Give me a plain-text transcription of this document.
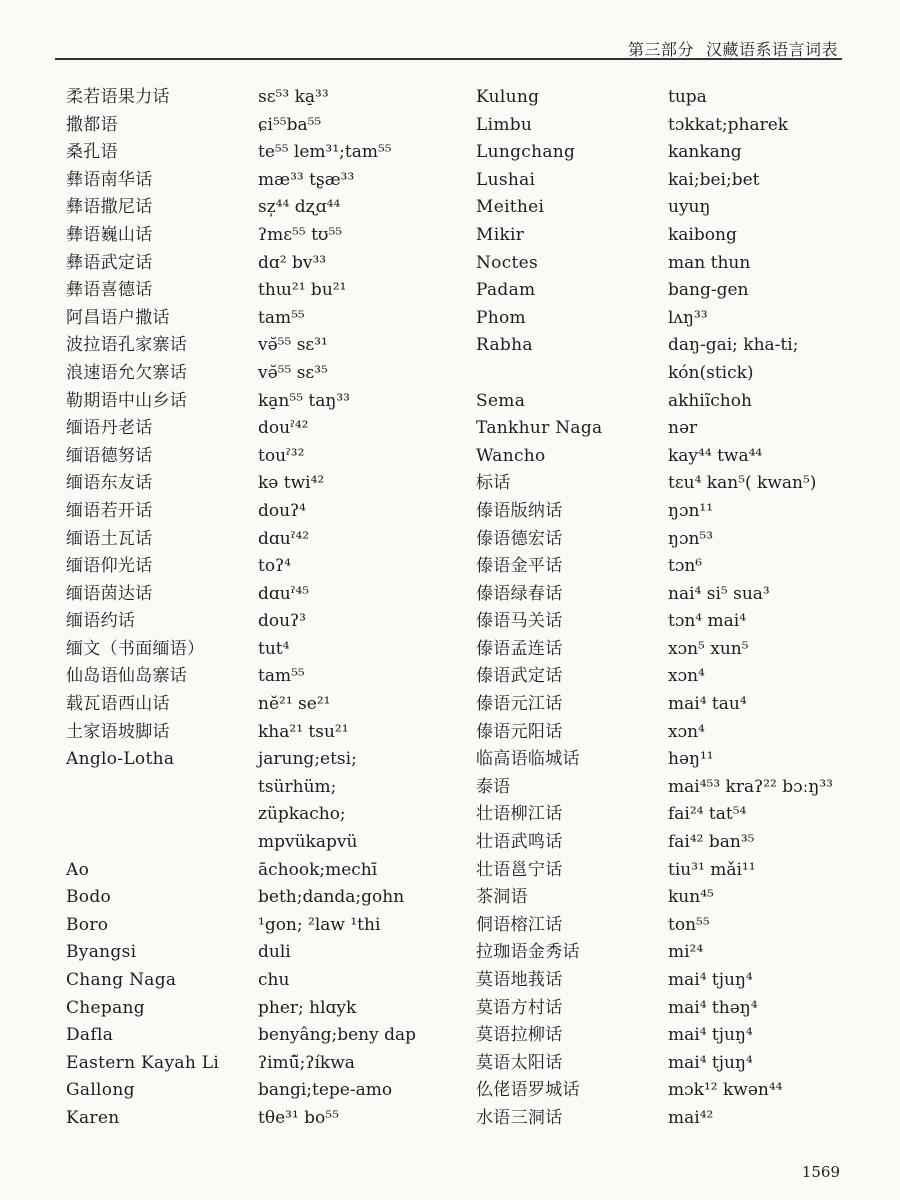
第三部分 汉藏语系语言词表
柔若语果力话
撒都语
桑孔语
彝语南华话
彝语撒尼话
彝语巍山话
彝语武定话
彝语喜德话
阿昌语户撒话
波拉语孔家寨话
浪速语允欠寨话
勒期语中山乡话
缅语丹老话
缅语德努话
缅语东友话
缅语若开话
缅语土瓦话
缅语仰光话
缅语茵达话
缅语约话
缅文（书面缅语）
仙岛语仙岛寨话
载瓦语西山话
土家语坡脚话
Anglo-Lotha
Ao
Bodo
Boro
Byangsi
Chang Naga
Chepang
Dafla
Eastern Kayah Li
Gallong
Karen
sɛ⁵³ ka̠³³
ɕi⁵⁵ba⁵⁵
te⁵⁵ lem³¹;tam⁵⁵
mæ³³ tʂæ³³
sz̩⁴⁴ dʐɑ⁴⁴
ʔmɛ⁵⁵ tʊ⁵⁵
dɑ² bv³³
thɯ²¹ bu²¹
tam⁵⁵
vǝ̆⁵⁵ sɛ³¹
vǝ̆⁵⁵ sɛ³⁵
ka̠n⁵⁵ taŋ³³
douˀ⁴²
touˀ³²
kǝ twi⁴²
douʔ⁴
dɑuˀ⁴²
toʔ⁴
dɑuˀ⁴⁵
douʔ³
tut⁴
tam⁵⁵
nĕ²¹ se²¹
kha²¹ tsu²¹
jarung;etsi;
tsürhüm;
züpkacho;
mpvükapvü
āchook;mechī
beth;danda;gohn
¹gon; ²law ¹thi
duli
chu
pher; hlɑyk
benyâng;beny dap
ʔimū̃;ʔíkwa
bangi;tepe-amo
tθe³¹ bo⁵⁵
Kulung
Limbu
Lungchang
Lushai
Meithei
Mikir
Noctes
Padam
Phom
Rabha
Sema
Tankhur Naga
Wancho
标话
傣语版纳话
傣语德宏话
傣语金平话
傣语绿春话
傣语马关话
傣语孟连话
傣语武定话
傣语元江话
傣语元阳话
临高语临城话
泰语
壮语柳江话
壮语武鸣话
壮语邕宁话
茶洞语
侗语榕江话
拉珈语金秀话
莫语地莪话
莫语方村话
莫语拉柳话
莫语太阳话
仫佬语罗城话
水语三洞话
tupa
tɔkkat;pharek
kankang
kai;bei;bet
uyuŋ
kaibong
man thun
bang-gen
lʌŋ³³
daŋ-gai; kha-ti;
kón(stick)
akhiĩchoh
nǝr
kay⁴⁴ twa⁴⁴
tɛu⁴ kan⁵( kwan⁵)
ŋɔn¹¹
ŋɔn⁵³
tɔn⁶
nai⁴ si⁵ sua³
tɔn⁴ mai⁴
xɔn⁵ xun⁵
xɔn⁴
mai⁴ tau⁴
xɔn⁴
həŋ¹¹
mai⁴⁵³ kraʔ²² bɔːŋ³³
fai²⁴ tat⁵⁴
fai⁴² ban³⁵
tiu³¹ mǎi¹¹
kun⁴⁵
ton⁵⁵
mi²⁴
mai⁴ tjuŋ⁴
mai⁴ thəŋ⁴
mai⁴ tjuŋ⁴
mai⁴ tjuŋ⁴
mɔk¹² kwən⁴⁴
mai⁴²
1569
